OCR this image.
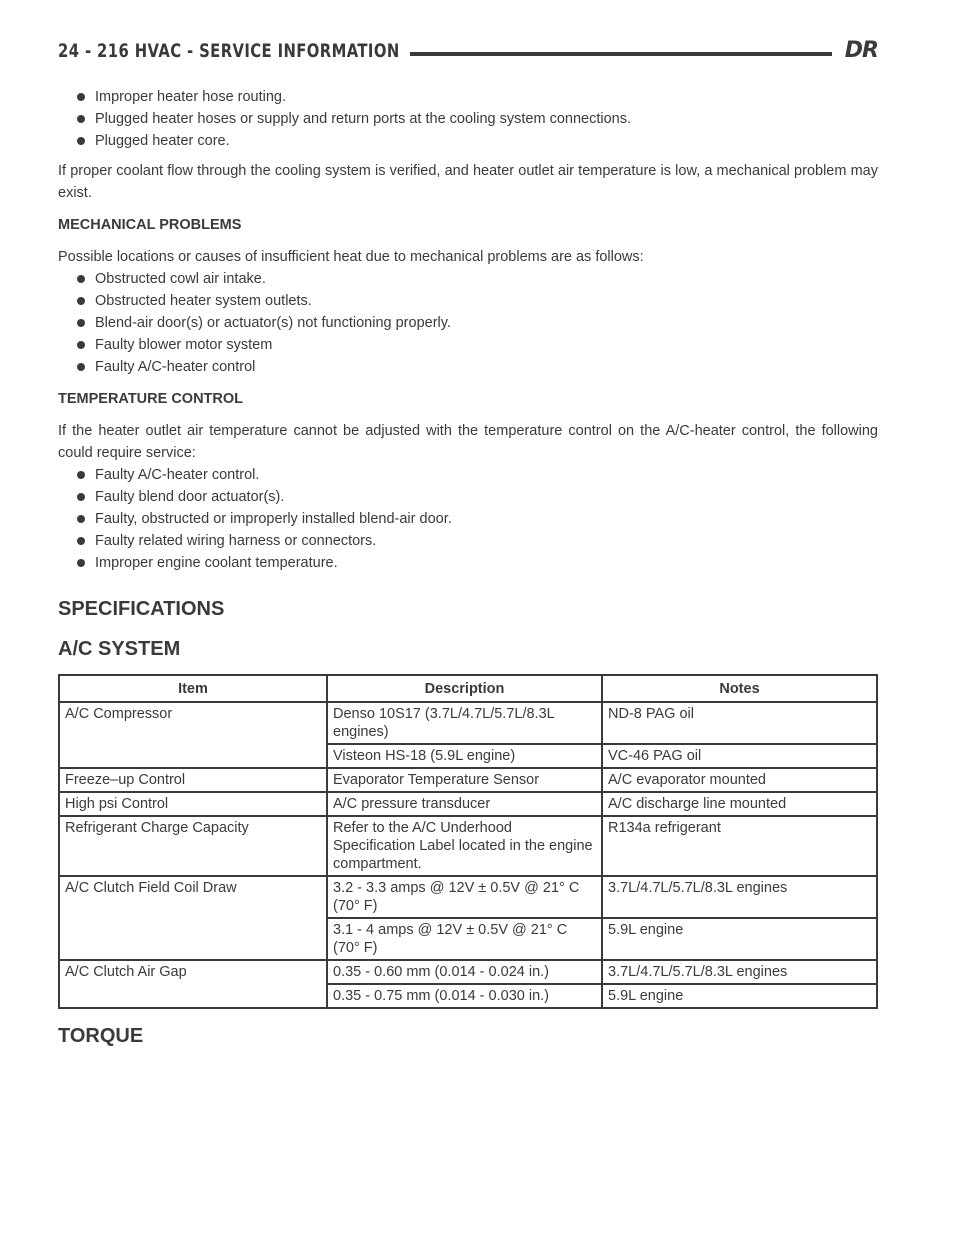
24 - 216 HVAC - SERVICE INFORMATION	DR
Improper heater hose routing.
Plugged heater hoses or supply and return ports at the cooling system connections.
Plugged heater core.

If proper coolant flow through the cooling system is verified, and heater outlet air temperature is low, a mechanical problem may exist.

MECHANICAL PROBLEMS

Possible locations or causes of insufficient heat due to mechanical problems are as follows:

Obstructed cowl air intake.
Obstructed heater system outlets.
Blend-air door(s) or actuator(s) not functioning properly.
Faulty blower motor system
Faulty A/C-heater control
TEMPERATURE CONTROL

If the heater outlet air temperature cannot be adjusted with the temperature control on the A/C-heater control, the following could require service:

Faulty A/C-heater control.
Faulty blend door actuator(s).
Faulty, obstructed or improperly installed blend-air door.
Faulty related wiring harness or connectors.
Improper engine coolant temperature.
SPECIFICATIONS
A/C SYSTEM
Item	Description	Notes
A/C Compressor	Denso 10S17 (3.7L/4.7L/5.7L/8.3L engines)	ND-8 PAG oil
	Visteon HS-18 (5.9L engine)	VC-46 PAG oil
Freeze–up Control	Evaporator Temperature Sensor	A/C evaporator mounted
High psi Control	A/C pressure transducer	A/C discharge line mounted
Refrigerant Charge Capacity	Refer to the A/C Underhood Specification Label located in the engine compartment.	R134a refrigerant
A/C Clutch Field Coil Draw	3.2 - 3.3 amps @ 12V ± 0.5V @ 21° C (70° F)	3.7L/4.7L/5.7L/8.3L engines
	3.1 - 4 amps @ 12V ± 0.5V @ 21° C (70° F)	5.9L engine
A/C Clutch Air Gap	0.35 - 0.60 mm (0.014 - 0.024 in.)	3.7L/4.7L/5.7L/8.3L engines
	0.35 - 0.75 mm (0.014 - 0.030 in.)	5.9L engine
TORQUE
